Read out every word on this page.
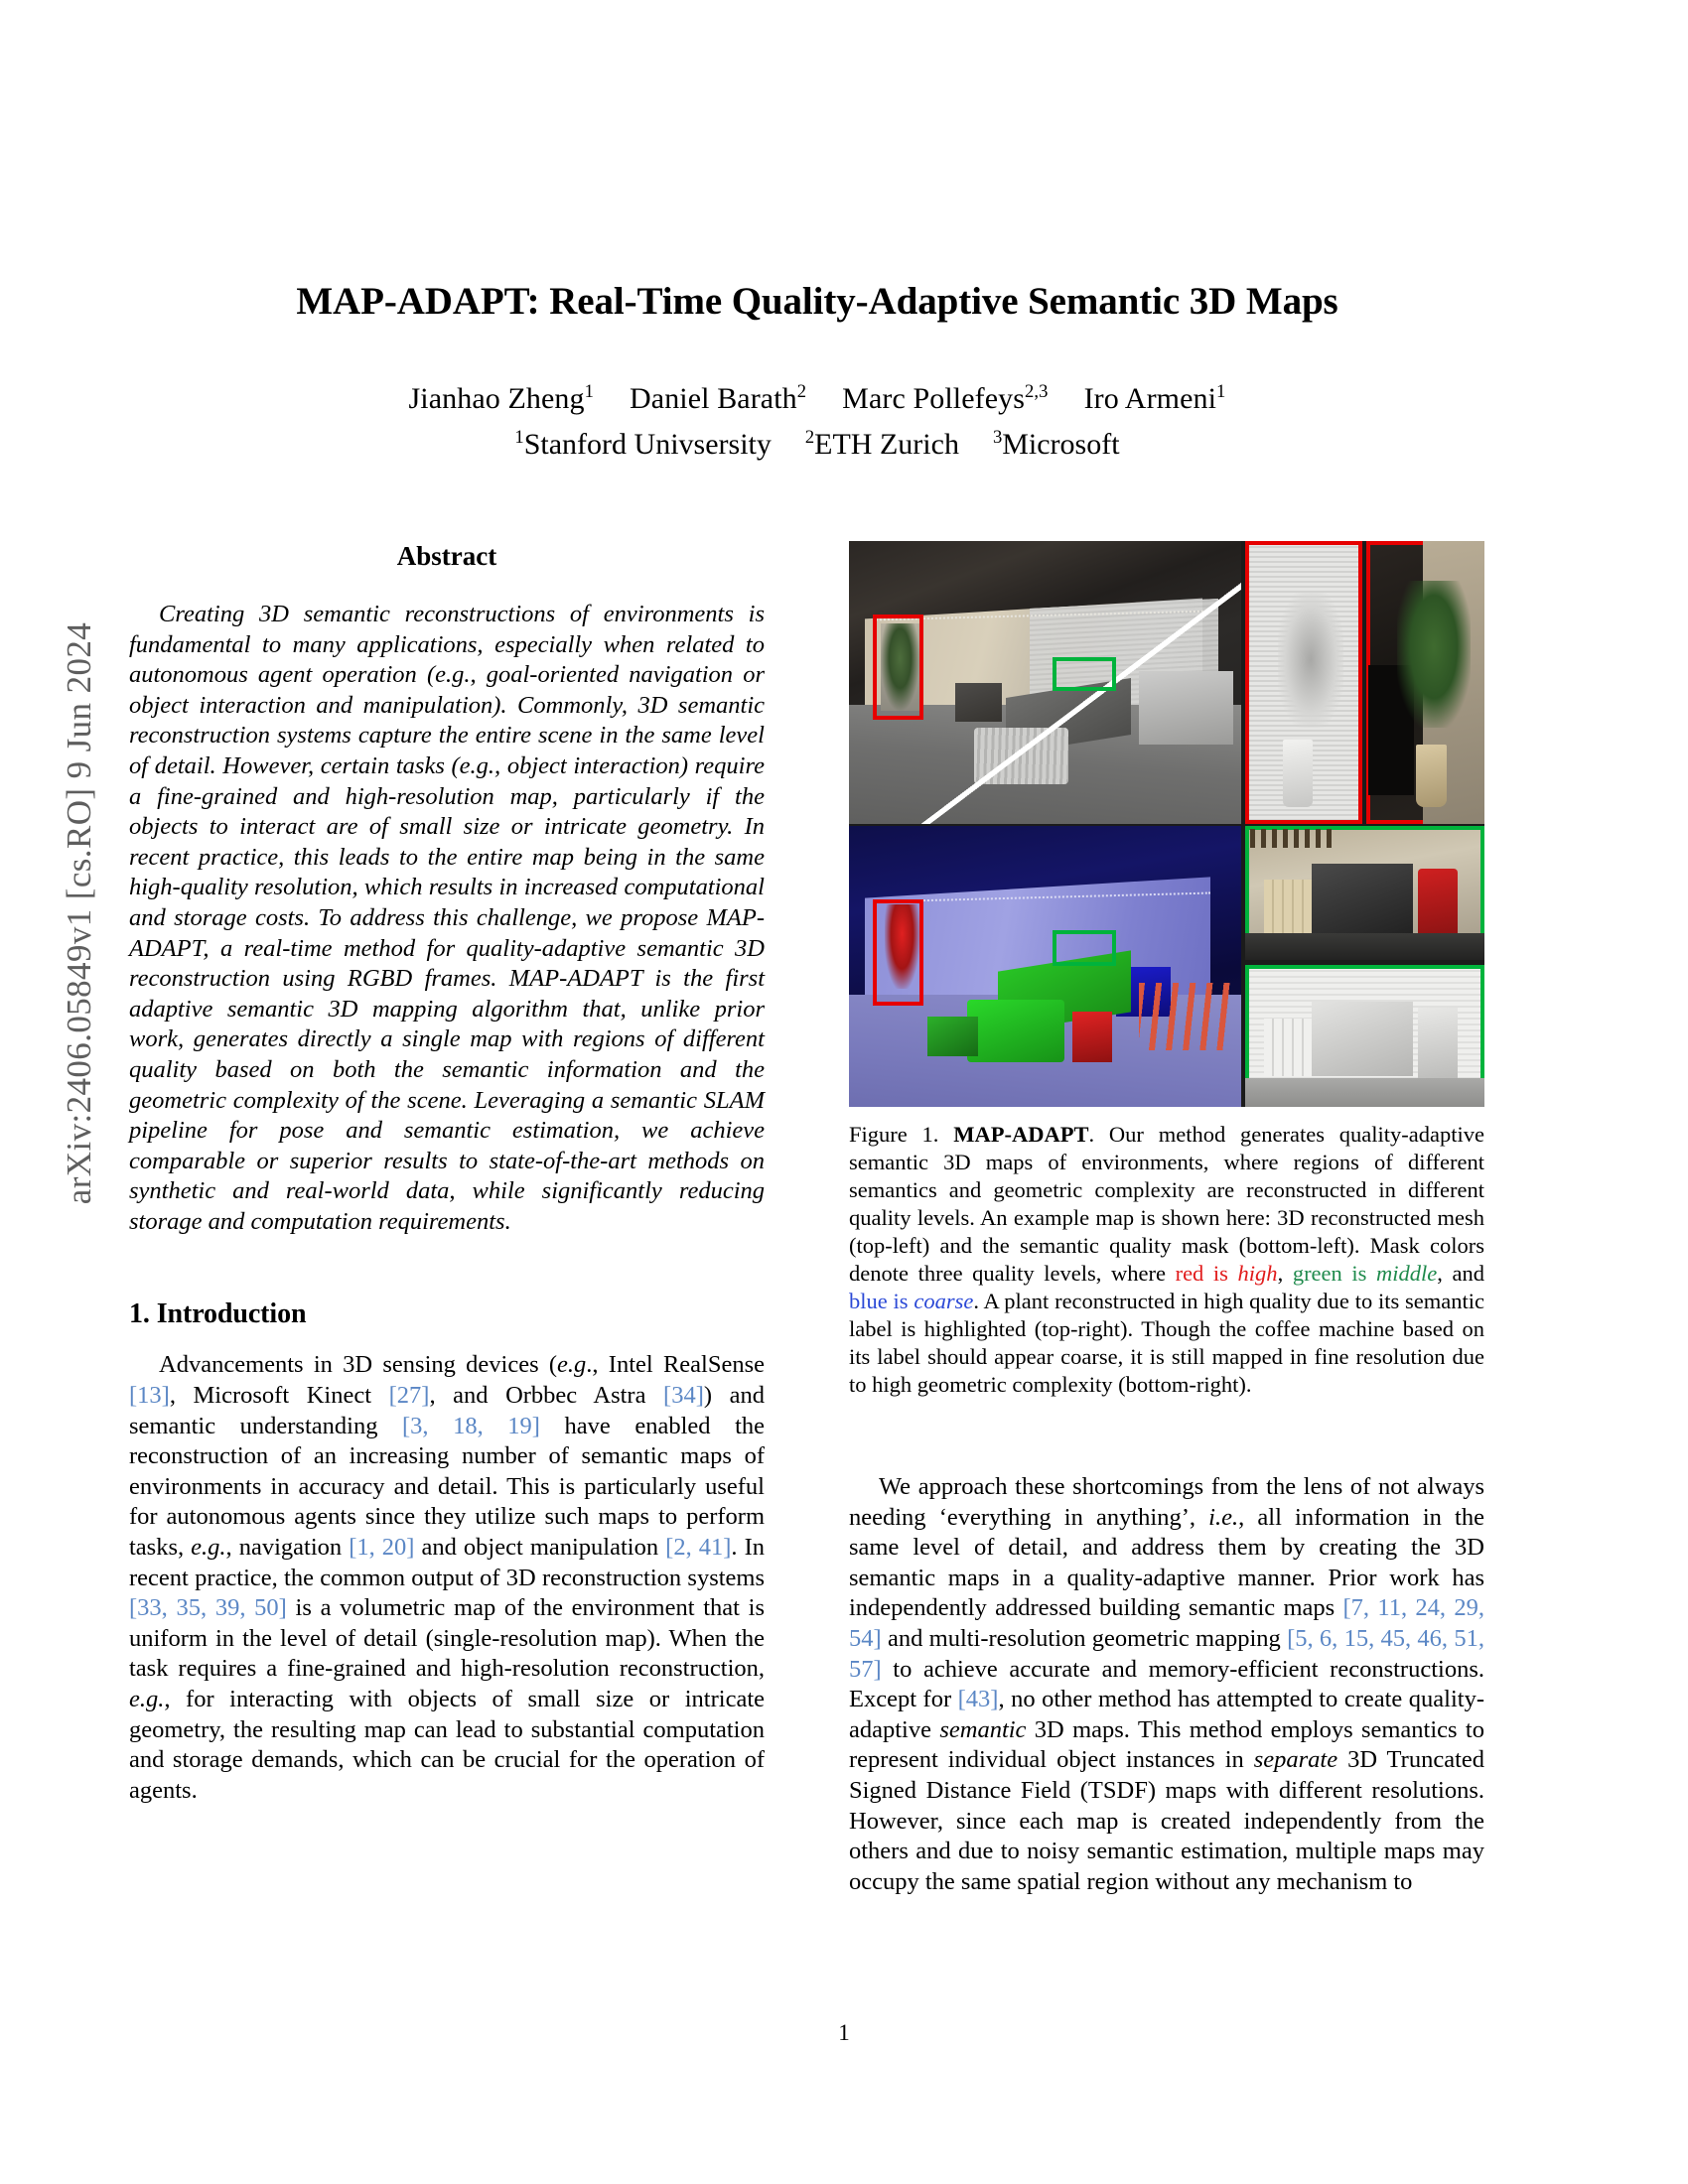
arXiv:2406.05849v1 [cs.RO] 9 Jun 2024
MAP-ADAPT: Real-Time Quality-Adaptive Semantic 3D Maps
Jianhao Zheng$^1$ Daniel Barath$^2$ Marc Pollefeys$^{2,3}$ Iro Armeni$^1$
$^1$Stanford Univsersity $^2$ETH Zurich $^3$Microsoft
Abstract

Creating 3D semantic reconstructions of environments is fundamental to many applications, especially when related to autonomous agent operation (e.g., goal-oriented navigation or object interaction and manipulation). Commonly, 3D semantic reconstruction systems capture the entire scene in the same level of detail. However, certain tasks (e.g., object interaction) require a fine-grained and high-resolution map, particularly if the objects to interact are of small size or intricate geometry. In recent practice, this leads to the entire map being in the same high-quality resolution, which results in increased computational and storage costs. To address this challenge, we propose MAP-ADAPT, a real-time method for quality-adaptive semantic 3D reconstruction using RGBD frames. MAP-ADAPT is the first adaptive semantic 3D mapping algorithm that, unlike prior work, generates directly a single map with regions of different quality based on both the semantic information and the geometric complexity of the scene. Leveraging a semantic SLAM pipeline for pose and semantic estimation, we achieve comparable or superior results to state-of-the-art methods on synthetic and real-world data, while significantly reducing storage and computation requirements.

1. Introduction

Advancements in 3D sensing devices (e.g., Intel RealSense [13], Microsoft Kinect [27], and Orbbec Astra [34]) and semantic understanding [3, 18, 19] have enabled the reconstruction of an increasing number of semantic maps of environments in accuracy and detail. This is particularly useful for autonomous agents since they utilize such maps to perform tasks, e.g., navigation [1, 20] and object manipulation [2, 41]. In recent practice, the common output of 3D reconstruction systems [33, 35, 39, 50] is a volumetric map of the environment that is uniform in the level of detail (single-resolution map). When the task requires a fine-grained and high-resolution reconstruction, e.g., for interacting with objects of small size or intricate geometry, the resulting map can lead to substantial computation and storage demands, which can be crucial for the operation of agents.

Figure 1. MAP-ADAPT. Our method generates quality-adaptive semantic 3D maps of environments, where regions of different semantics and geometric complexity are reconstructed in different quality levels. An example map is shown here: 3D reconstructed mesh (top-left) and the semantic quality mask (bottom-left). Mask colors denote three quality levels, where red is high, green is middle, and blue is coarse. A plant reconstructed in high quality due to its semantic label is highlighted (top-right). Though the coffee machine based on its label should appear coarse, it is still mapped in fine resolution due to high geometric complexity (bottom-right).

We approach these shortcomings from the lens of not always needing ‘everything in anything’, i.e., all information in the same level of detail, and address them by creating the 3D semantic maps in a quality-adaptive manner. Prior work has independently addressed building semantic maps [7, 11, 24, 29, 54] and multi-resolution geometric mapping [5, 6, 15, 45, 46, 51, 57] to achieve accurate and memory-efficient reconstructions. Except for [43], no other method has attempted to create quality-adaptive semantic 3D maps. This method employs semantics to represent individual object instances in separate 3D Truncated Signed Distance Field (TSDF) maps with different resolutions. However, since each map is created independently from the others and due to noisy semantic estimation, multiple maps may occupy the same spatial region without any mechanism to

1
